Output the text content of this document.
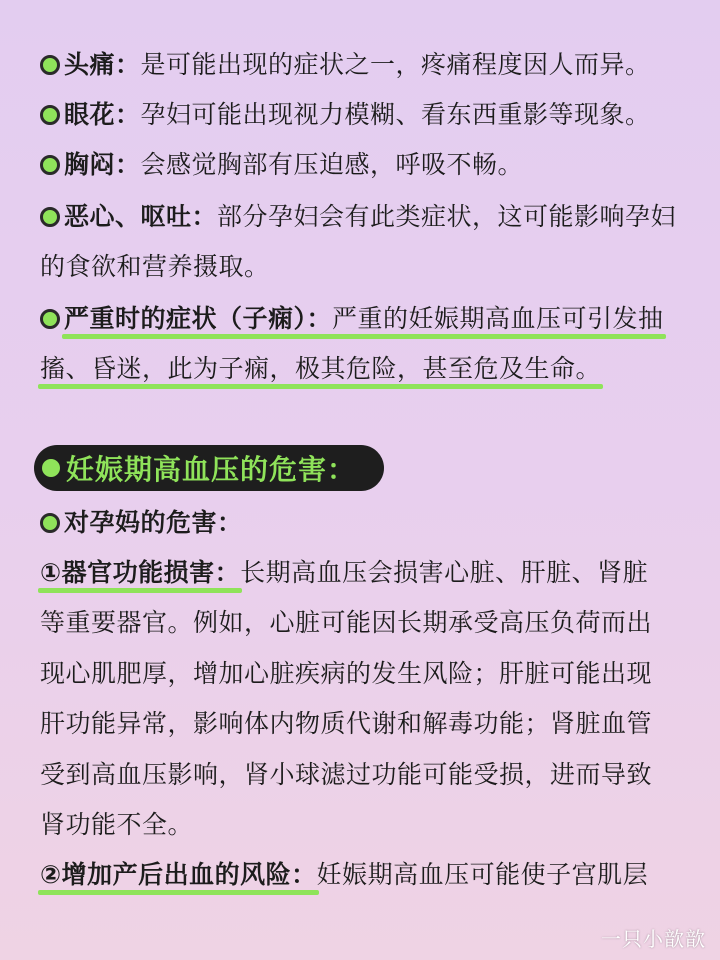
头痛：是可能出现的症状之一，疼痛程度因人而异。
眼花：孕妇可能出现视力模糊、看东西重影等现象。
胸闷：会感觉胸部有压迫感，呼吸不畅。
恶心、呕吐：部分孕妇会有此类症状，这可能影响孕妇
的食欲和营养摄取。
严重时的症状（子痫）：严重的妊娠期高血压可引发抽
搐、昏迷，此为子痫，极其危险，甚至危及生命。
妊娠期高血压的危害：
对孕妈的危害：
①器官功能损害：长期高血压会损害心脏、肝脏、肾脏
等重要器官。例如，心脏可能因长期承受高压负荷而出
现心肌肥厚，增加心脏疾病的发生风险；肝脏可能出现
肝功能异常，影响体内物质代谢和解毒功能；肾脏血管
受到高血压影响，肾小球滤过功能可能受损，进而导致
肾功能不全。
②增加产后出血的风险：妊娠期高血压可能使子宫肌层
一只小歆歆
